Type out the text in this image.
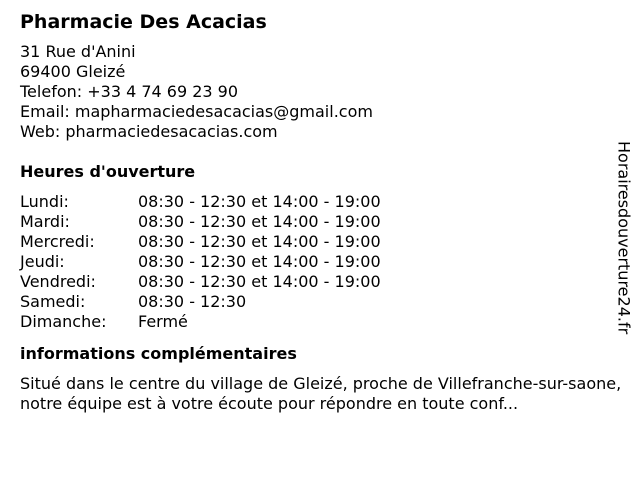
Pharmacie Des Acacias
31 Rue d'Anini
69400 Gleizé
Telefon: +33 4 74 69 23 90
Email: mapharmaciedesacacias@gmail.com
Web: pharmaciedesacacias.com
Heures d'ouverture
Lundi:	08:30 - 12:30 et 14:00 - 19:00
Mardi:	08:30 - 12:30 et 14:00 - 19:00
Mercredi:	08:30 - 12:30 et 14:00 - 19:00
Jeudi:	08:30 - 12:30 et 14:00 - 19:00
Vendredi:	08:30 - 12:30 et 14:00 - 19:00
Samedi:	08:30 - 12:30
Dimanche:	Fermé
informations complémentaires
Situé dans le centre du village de Gleizé, proche de Villefranche-sur-saone, notre équipe est à votre écoute pour répondre en toute conf...
Horairesdouverture24.fr
